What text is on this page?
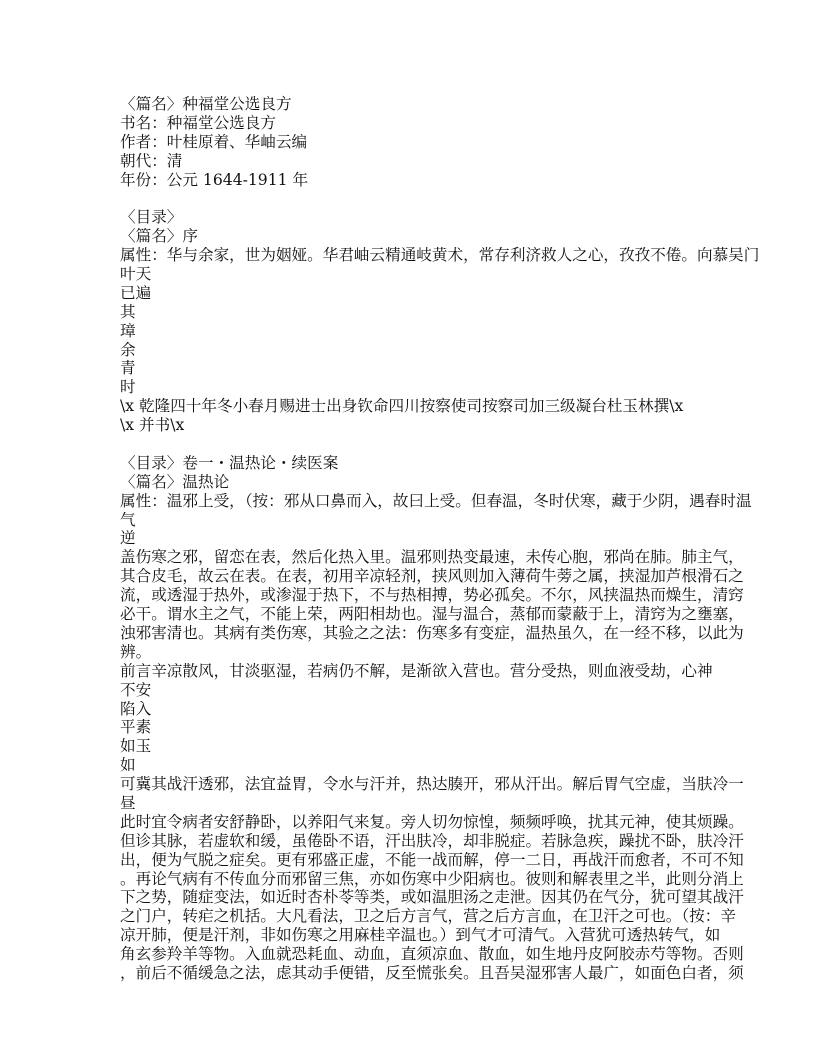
〈篇名〉种福堂公选良方
书名：种福堂公选良方
作者：叶桂原着、华岫云编
朝代：清
年份：公元 1644-1911 年
〈目录〉
〈篇名〉序
属性：华与余家，世为姻娅。华君岫云精通岐黄术，常存利济救人之心，孜孜不倦。向慕吴门
叶天
已遍
其
璋
余
青
时
\x 乾隆四十年冬小春月赐进士出身钦命四川按察使司按察司加三级凝台杜玉林撰\x
\x 并书\x
〈目录〉卷一・温热论・续医案
〈篇名〉温热论
属性：温邪上受，（按：邪从口鼻而入，故曰上受。但春温，冬时伏寒，藏于少阴，遇春时温
气
逆
盖伤寒之邪，留恋在表，然后化热入里。温邪则热变最速，未传心胞，邪尚在肺。肺主气，
其合皮毛，故云在表。在表，初用辛凉轻剂，挟风则加入薄荷牛蒡之属，挟湿加芦根滑石之
流，或透湿于热外，或渗湿于热下，不与热相搏，势必孤矣。不尔，风挟温热而燥生，清窍
必干。谓水主之气，不能上荣，两阳相劫也。湿与温合，蒸郁而蒙蔽于上，清窍为之壅塞，
浊邪害清也。其病有类伤寒，其验之之法：伤寒多有变症，温热虽久，在一经不移，以此为
辨。
前言辛凉散风，甘淡驱湿，若病仍不解，是渐欲入营也。营分受热，则血液受劫，心神
不安
陷入
平素
如玉
如
可冀其战汗透邪，法宜益胃，令水与汗并，热达腠开，邪从汗出。解后胃气空虚，当肤冷一
昼
此时宜令病者安舒静卧，以养阳气来复。旁人切勿惊惶，频频呼唤，扰其元神，使其烦躁。
但诊其脉，若虚软和缓，虽倦卧不语，汗出肤冷，却非脱症。若脉急疾，躁扰不卧，肤冷汗
出，便为气脱之症矣。更有邪盛正虚，不能一战而解，停一二日，再战汗而愈者，不可不知
。再论气病有不传血分而邪留三焦，亦如伤寒中少阳病也。彼则和解表里之半，此则分消上
下之势，随症变法，如近时杏朴苓等类，或如温胆汤之走泄。因其仍在气分，犹可望其战汗
之门户，转疟之机括。大凡看法，卫之后方言气，营之后方言血，在卫汗之可也。（按：辛
凉开肺，便是汗剂，非如伤寒之用麻桂辛温也。）到气才可清气。入营犹可透热转气，如
角玄参羚羊等物。入血就恐耗血、动血，直须凉血、散血，如生地丹皮阿胶赤芍等物。否则
，前后不循缓急之法，虑其动手便错，反至慌张矣。且吾吴湿邪害人最广，如面色白者，须
